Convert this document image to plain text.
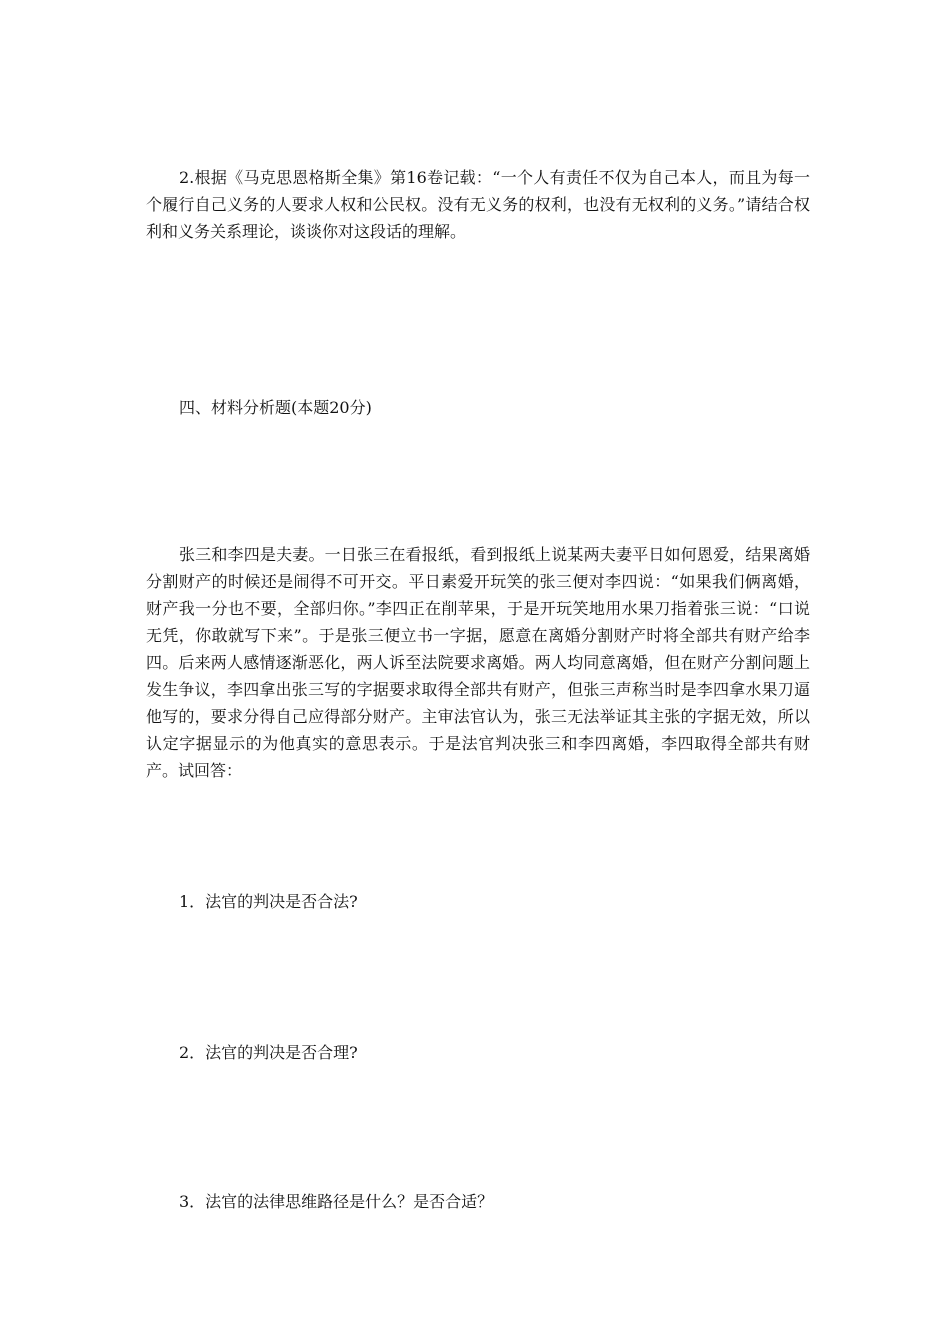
2.根据《马克思恩格斯全集》第16卷记载：“一个人有责任不仅为自己本人，而且为每一个履行自己义务的人要求人权和公民权。没有无义务的权利，也没有无权利的义务。”请结合权利和义务关系理论，谈谈你对这段话的理解。

四、材料分析题(本题20分)

张三和李四是夫妻。一日张三在看报纸，看到报纸上说某两夫妻平日如何恩爱，结果离婚分割财产的时候还是闹得不可开交。平日素爱开玩笑的张三便对李四说：“如果我们俩离婚，财产我一分也不要，全部归你。”李四正在削苹果，于是开玩笑地用水果刀指着张三说：“口说无凭，你敢就写下来”。于是张三便立书一字据，愿意在离婚分割财产时将全部共有财产给李四。后来两人感情逐渐恶化，两人诉至法院要求离婚。两人均同意离婚，但在财产分割问题上发生争议，李四拿出张三写的字据要求取得全部共有财产，但张三声称当时是李四拿水果刀逼他写的，要求分得自己应得部分财产。主审法官认为，张三无法举证其主张的字据无效，所以认定字据显示的为他真实的意思表示。于是法官判决张三和李四离婚，李四取得全部共有财产。试回答：

1．法官的判决是否合法?

2．法官的判决是否合理?

3．法官的法律思维路径是什么？是否合适？
